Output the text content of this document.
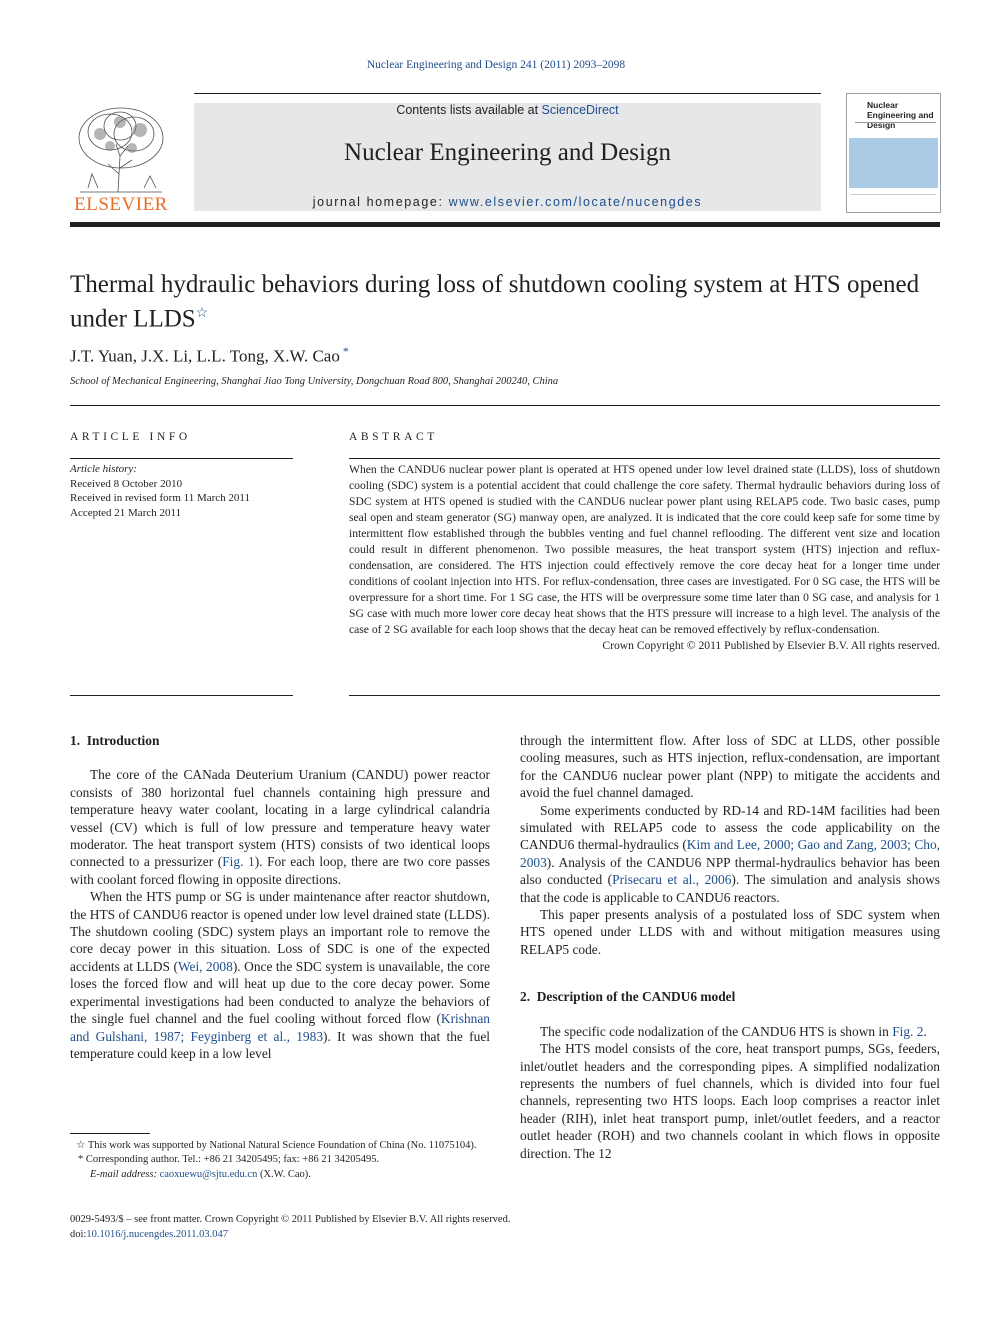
Nuclear Engineering and Design 241 (2011) 2093–2098
ELSEVIER
Contents lists available at ScienceDirect
Nuclear Engineering and Design
journal homepage: www.elsevier.com/locate/nucengdes
Nuclear Engineering and Design
Thermal hydraulic behaviors during loss of shutdown cooling system at HTS opened under LLDS☆
J.T. Yuan, J.X. Li, L.L. Tong, X.W. Cao *
School of Mechanical Engineering, Shanghai Jiao Tong University, Dongchuan Road 800, Shanghai 200240, China
ARTICLE INFO
Article history:
Received 8 October 2010
Received in revised form 11 March 2011
Accepted 21 March 2011
ABSTRACT
When the CANDU6 nuclear power plant is operated at HTS opened under low level drained state (LLDS), loss of shutdown cooling (SDC) system is a potential accident that could challenge the core safety. Thermal hydraulic behaviors during loss of SDC system at HTS opened is studied with the CANDU6 nuclear power plant using RELAP5 code. Two basic cases, pump seal open and steam generator (SG) manway open, are analyzed. It is indicated that the core could keep safe for some time by intermittent flow established through the bubbles venting and fuel channel reflooding. The different vent size and location could result in different phenomenon. Two possible measures, the heat transport system (HTS) injection and reflux-condensation, are considered. The HTS injection could effectively remove the core decay heat for a longer time under conditions of coolant injection into HTS. For reflux-condensation, three cases are investigated. For 0 SG case, the HTS will be overpressure for a short time. For 1 SG case, the HTS will be overpressure some time later than 0 SG case, and analysis for 1 SG case with much more lower core decay heat shows that the HTS pressure will increase to a high level. The analysis of the case of 2 SG available for each loop shows that the decay heat can be removed effectively by reflux-condensation.
Crown Copyright © 2011 Published by Elsevier B.V. All rights reserved.
1.  Introduction

The core of the CANada Deuterium Uranium (CANDU) power reactor consists of 380 horizontal fuel channels containing high pressure and temperature heavy water coolant, locating in a large cylindrical calandria vessel (CV) which is full of low pressure and temperature heavy water moderator. The heat transport system (HTS) consists of two identical loops connected to a pressurizer (Fig. 1). For each loop, there are two core passes with coolant forced flowing in opposite directions.

When the HTS pump or SG is under maintenance after reactor shutdown, the HTS of CANDU6 reactor is opened under low level drained state (LLDS). The shutdown cooling (SDC) system plays an important role to remove the core decay power in this situation. Loss of SDC is one of the expected accidents at LLDS (Wei, 2008). Once the SDC system is unavailable, the core loses the forced flow and will heat up due to the core decay power. Some experimental investigations had been conducted to analyze the behaviors of the single fuel channel and the fuel cooling without forced flow (Krishnan and Gulshani, 1987; Feyginberg et al., 1983). It was shown that the fuel temperature could keep in a low level

☆ This work was supported by National Natural Science Foundation of China (No. 11075104).
* Corresponding author. Tel.: +86 21 34205495; fax: +86 21 34205495.
E-mail address: caoxuewu@sjtu.edu.cn (X.W. Cao).

through the intermittent flow. After loss of SDC at LLDS, other possible cooling measures, such as HTS injection, reflux-condensation, are important for the CANDU6 nuclear power plant (NPP) to mitigate the accidents and avoid the fuel channel damaged.

Some experiments conducted by RD-14 and RD-14M facilities had been simulated with RELAP5 code to assess the code applicability on the CANDU6 thermal-hydraulics (Kim and Lee, 2000; Gao and Zang, 2003; Cho, 2003). Analysis of the CANDU6 NPP thermal-hydraulics behavior has been also conducted (Prisecaru et al., 2006). The simulation and analysis shows that the code is applicable to CANDU6 reactors.

This paper presents analysis of a postulated loss of SDC system when HTS opened under LLDS with and without mitigation measures using RELAP5 code.

2.  Description of the CANDU6 model

The specific code nodalization of the CANDU6 HTS is shown in Fig. 2.

The HTS model consists of the core, heat transport pumps, SGs, feeders, inlet/outlet headers and the corresponding pipes. A simplified nodalization represents the numbers of fuel channels, which is divided into four fuel channels, representing two HTS loops. Each loop comprises a reactor inlet header (RIH), inlet heat transport pump, inlet/outlet feeders, and a reactor outlet header (ROH) and two channels coolant in which flows in opposite direction. The 12

0029-5493/$ – see front matter. Crown Copyright © 2011 Published by Elsevier B.V. All rights reserved.
doi:10.1016/j.nucengdes.2011.03.047
